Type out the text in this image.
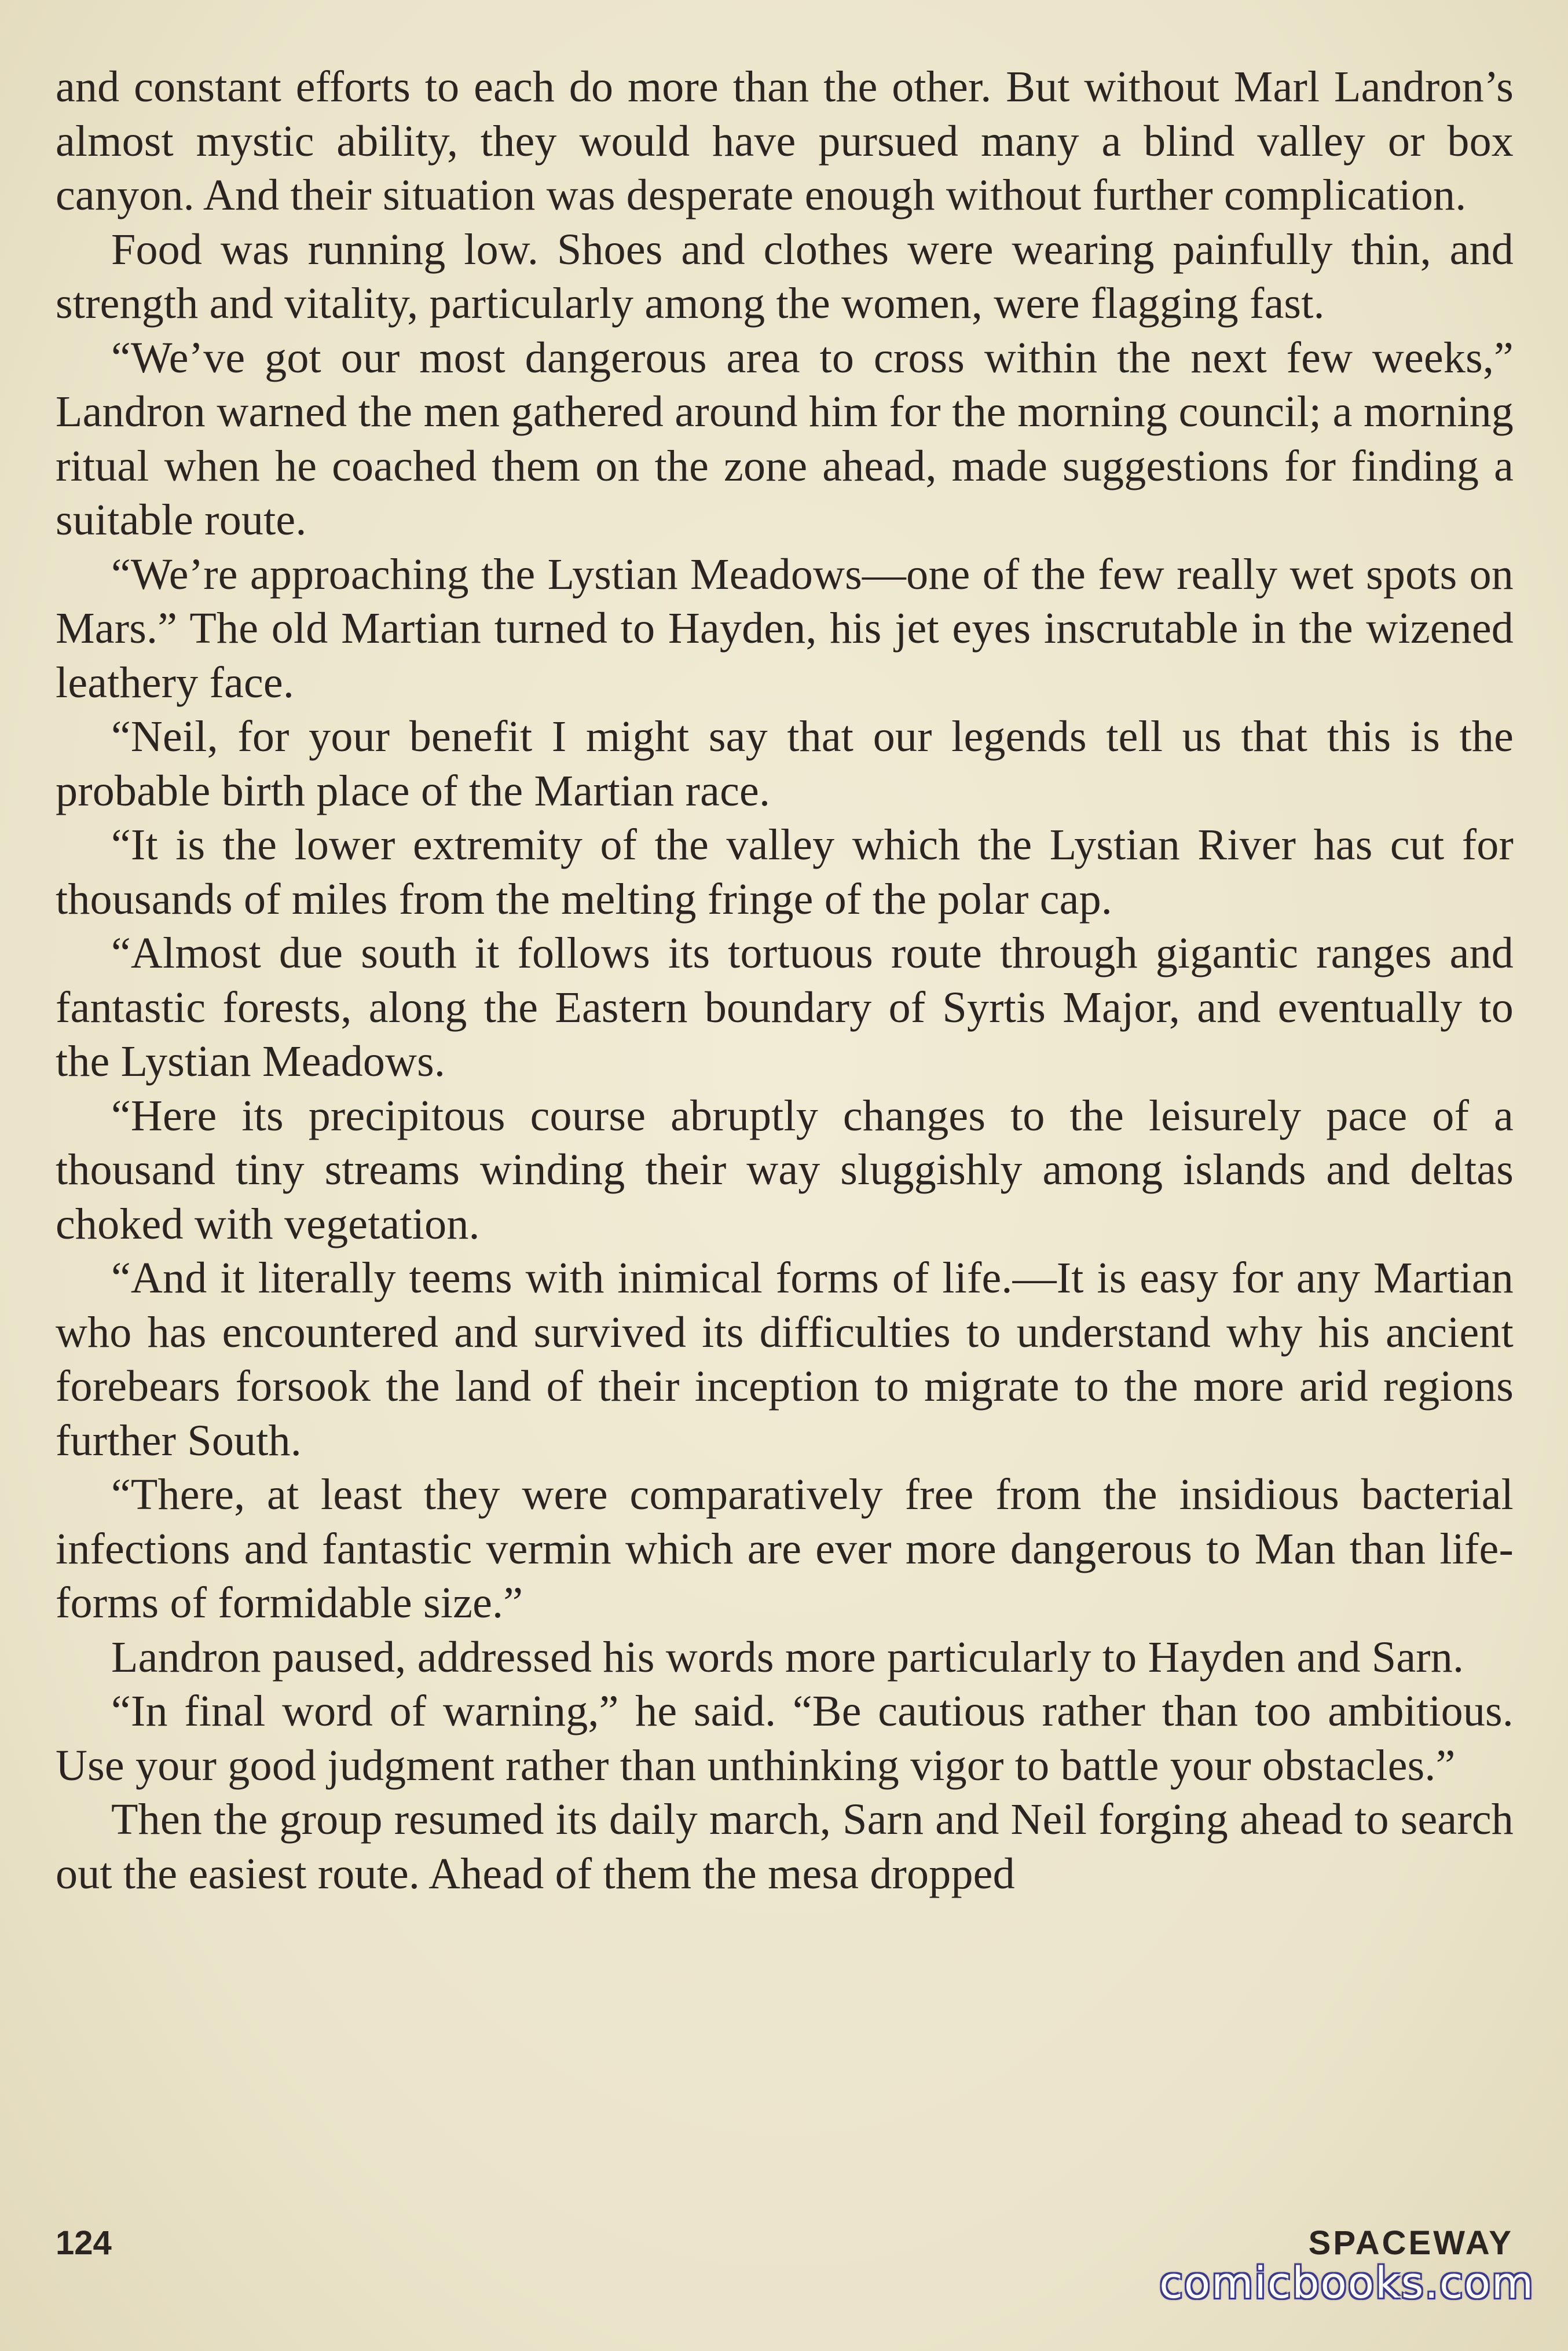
and constant efforts to each do more than the other. But without Marl Landron’s almost mystic ability, they would have pursued many a blind valley or box canyon. And their situation was desperate enough without further complication.

Food was running low. Shoes and clothes were wearing painfully thin, and strength and vitality, particularly among the women, were flagging fast.

“We’ve got our most dangerous area to cross within the next few weeks,” Landron warned the men gathered around him for the morning council; a morning ritual when he coached them on the zone ahead, made suggestions for finding a suitable route.

“We’re approaching the Lystian Meadows—one of the few really wet spots on Mars.” The old Martian turned to Hayden, his jet eyes inscrutable in the wizened leathery face.

“Neil, for your benefit I might say that our legends tell us that this is the probable birth place of the Martian race.

“It is the lower extremity of the valley which the Lystian River has cut for thousands of miles from the melting fringe of the polar cap.

“Almost due south it follows its tortuous route through gigantic ranges and fantastic forests, along the Eastern boundary of Syrtis Major, and eventually to the Lystian Meadows.

“Here its precipitous course abruptly changes to the leisurely pace of a thousand tiny streams winding their way sluggishly among islands and deltas choked with vegetation.

“And it literally teems with inimical forms of life.—It is easy for any Martian who has encountered and survived its difficulties to understand why his ancient forebears forsook the land of their inception to migrate to the more arid regions further South.

“There, at least they were comparatively free from the insidious bacterial infections and fantastic vermin which are ever more dangerous to Man than life-forms of formidable size.”

Landron paused, addressed his words more particularly to Hayden and Sarn.

“In final word of warning,” he said. “Be cautious rather than too ambitious. Use your good judgment rather than unthinking vigor to battle your obstacles.”

Then the group resumed its daily march, Sarn and Neil forging ahead to search out the easiest route. Ahead of them the mesa dropped

124	SPACEWAY
comicbooks.com
